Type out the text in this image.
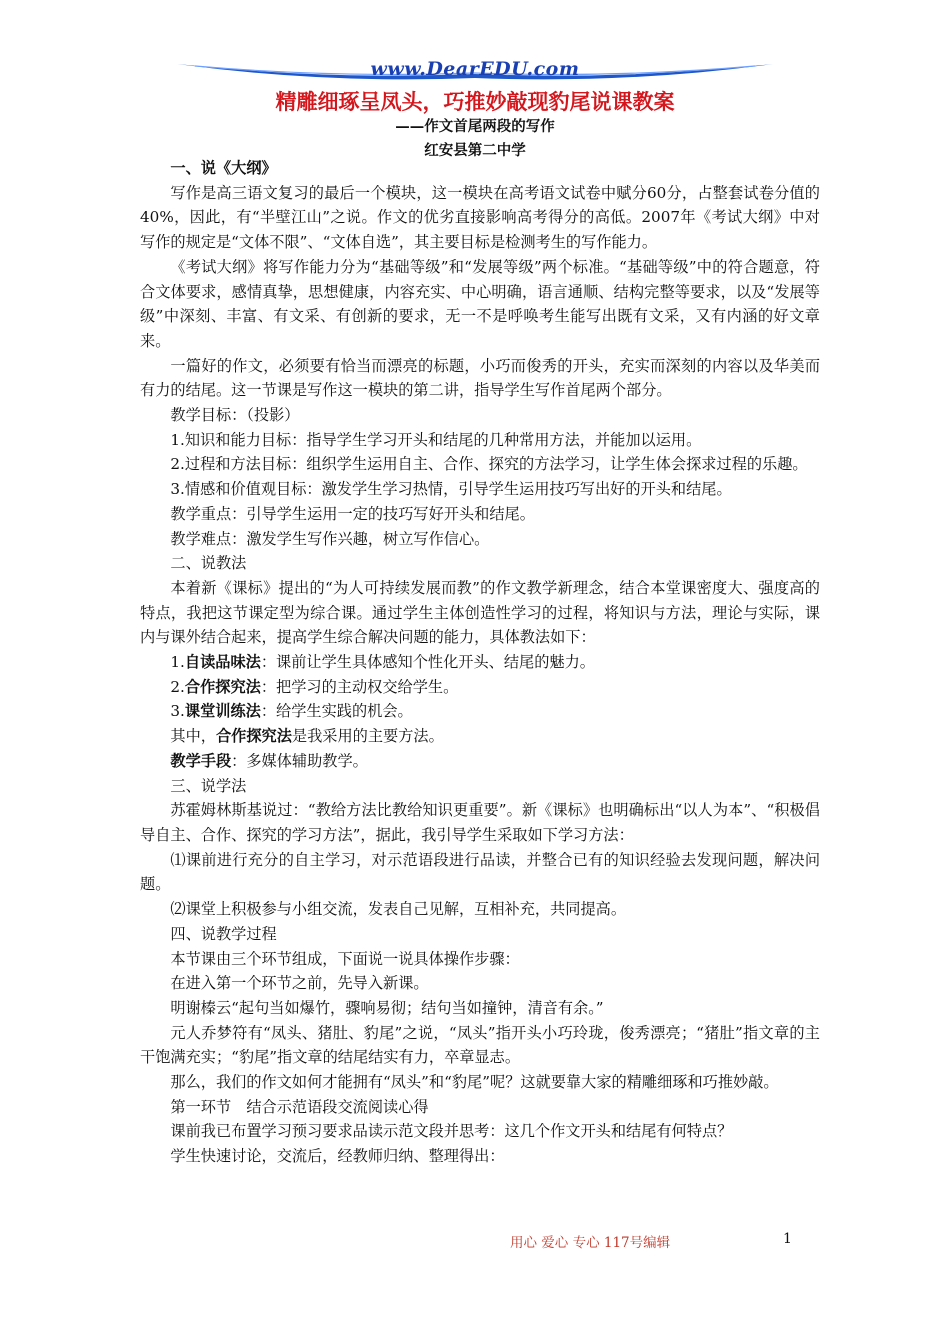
www.DearEDU.com
精雕细琢呈凤头，巧推妙敲现豹尾说课教案
——作文首尾两段的写作
红安县第二中学

一、说《大纲》

写作是高三语文复习的最后一个模块，这一模块在高考语文试卷中赋分60分，占整套试卷分值的40%，因此，有“半壁江山”之说。作文的优劣直接影响高考得分的高低。2007年《考试大纲》中对写作的规定是“文体不限”、“文体自选”，其主要目标是检测考生的写作能力。

《考试大纲》将写作能力分为“基础等级”和“发展等级”两个标准。“基础等级”中的符合题意，符合文体要求，感情真挚，思想健康，内容充实、中心明确，语言通顺、结构完整等要求，以及“发展等级”中深刻、丰富、有文采、有创新的要求，无一不是呼唤考生能写出既有文采，又有内涵的好文章来。

一篇好的作文，必须要有恰当而漂亮的标题，小巧而俊秀的开头，充实而深刻的内容以及华美而有力的结尾。这一节课是写作这一模块的第二讲，指导学生写作首尾两个部分。

教学目标：（投影）

1.知识和能力目标：指导学生学习开头和结尾的几种常用方法，并能加以运用。

2.过程和方法目标：组织学生运用自主、合作、探究的方法学习，让学生体会探求过程的乐趣。

3.情感和价值观目标：激发学生学习热情，引导学生运用技巧写出好的开头和结尾。

教学重点：引导学生运用一定的技巧写好开头和结尾。

教学难点：激发学生写作兴趣，树立写作信心。

二、说教法

本着新《课标》提出的“为人可持续发展而教”的作文教学新理念，结合本堂课密度大、强度高的特点，我把这节课定型为综合课。通过学生主体创造性学习的过程，将知识与方法，理论与实际，课内与课外结合起来，提高学生综合解决问题的能力，具体教法如下：

1.自读品味法：课前让学生具体感知个性化开头、结尾的魅力。

2.合作探究法：把学习的主动权交给学生。

3.课堂训练法：给学生实践的机会。

其中，合作探究法是我采用的主要方法。

教学手段：多媒体辅助教学。

三、说学法

苏霍姆林斯基说过：“教给方法比教给知识更重要”。新《课标》也明确标出“以人为本”、“积极倡导自主、合作、探究的学习方法”，据此，我引导学生采取如下学习方法：

⑴课前进行充分的自主学习，对示范语段进行品读，并整合已有的知识经验去发现问题，解决问题。

⑵课堂上积极参与小组交流，发表自己见解，互相补充，共同提高。

四、说教学过程

本节课由三个环节组成，下面说一说具体操作步骤：

在进入第一个环节之前，先导入新课。

明谢榛云“起句当如爆竹，骤响易彻；结句当如撞钟，清音有余。”

元人乔梦符有“凤头、猪肚、豹尾”之说，“凤头”指开头小巧玲珑，俊秀漂亮；“猪肚”指文章的主干饱满充实；“豹尾”指文章的结尾结实有力，卒章显志。

那么，我们的作文如何才能拥有“凤头”和“豹尾”呢？这就要靠大家的精雕细琢和巧推妙敲。

第一环节　结合示范语段交流阅读心得

课前我已布置学习预习要求品读示范文段并思考：这几个作文开头和结尾有何特点？

学生快速讨论，交流后，经教师归纳、整理得出：

用心 爱心 专心 117号编辑	1
